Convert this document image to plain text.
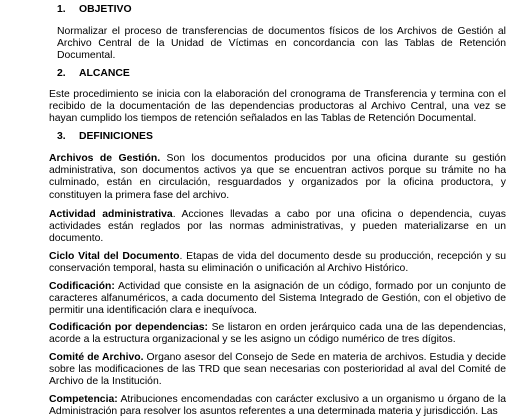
1. OBJETIVO
Normalizar el proceso de transferencias de documentos físicos de los Archivos de Gestión al Archivo Central de la Unidad de Víctimas en concordancia con las Tablas de Retención Documental.
2. ALCANCE
Este procedimiento se inicia con la elaboración del cronograma de Transferencia y termina con el recibido de la documentación de las dependencias productoras al Archivo Central, una vez se hayan cumplido los tiempos de retención señalados en las Tablas de Retención Documental.
3. DEFINICIONES
Archivos de Gestión. Son los documentos producidos por una oficina durante su gestión administrativa, son documentos activos ya que se encuentran activos porque su trámite no ha culminado, están en circulación, resguardados y organizados por la oficina productora, y constituyen la primera fase del archivo.
Actividad administrativa. Acciones llevadas a cabo por una oficina o dependencia, cuyas actividades están reglados por las normas administrativas, y pueden materializarse en un documento.
Ciclo Vital del Documento. Etapas de vida del documento desde su producción, recepción y su conservación temporal, hasta su eliminación o unificación al Archivo Histórico.
Codificación: Actividad que consiste en la asignación de un código, formado por un conjunto de caracteres alfanuméricos, a cada documento del Sistema Integrado de Gestión, con el objetivo de permitir una identificación clara e inequívoca.
Codificación por dependencias: Se listaron en orden jerárquico cada una de las dependencias, acorde a la estructura organizacional y se les asigno un código numérico de tres dígitos.
Comité de Archivo. Organo asesor del Consejo de Sede en materia de archivos. Estudia y decide sobre las modificaciones de las TRD que sean necesarias con posterioridad al aval del Comité de Archivo de la Institución.
Competencia: Atribuciones encomendadas con carácter exclusivo a un organismo u órgano de la Administración para resolver los asuntos referentes a una determinada materia y jurisdicción. Las
